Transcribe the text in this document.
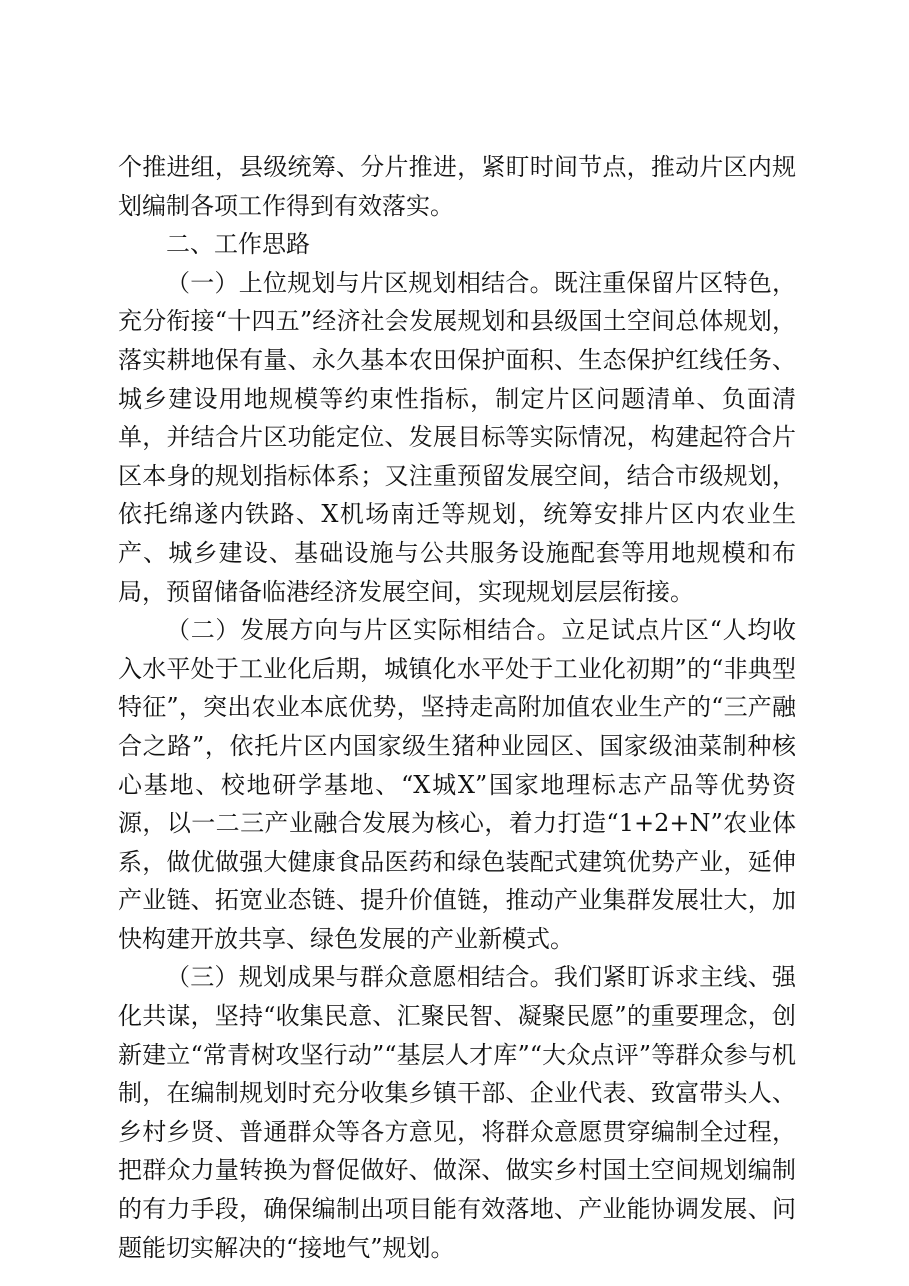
个推进组，县级统筹、分片推进，紧盯时间节点，推动片区内规划编制各项工作得到有效落实。

二、工作思路

（一）上位规划与片区规划相结合。既注重保留片区特色，充分衔接“十四五”经济社会发展规划和县级国土空间总体规划，落实耕地保有量、永久基本农田保护面积、生态保护红线任务、城乡建设用地规模等约束性指标，制定片区问题清单、负面清单，并结合片区功能定位、发展目标等实际情况，构建起符合片区本身的规划指标体系；又注重预留发展空间，结合市级规划，依托绵遂内铁路、X机场南迁等规划，统筹安排片区内农业生产、城乡建设、基础设施与公共服务设施配套等用地规模和布局，预留储备临港经济发展空间，实现规划层层衔接。

（二）发展方向与片区实际相结合。立足试点片区“人均收入水平处于工业化后期，城镇化水平处于工业化初期”的“非典型特征”，突出农业本底优势，坚持走高附加值农业生产的“三产融合之路”，依托片区内国家级生猪种业园区、国家级油菜制种核心基地、校地研学基地、“X城X”国家地理标志产品等优势资源，以一二三产业融合发展为核心，着力打造“1+2+N”农业体系，做优做强大健康食品医药和绿色装配式建筑优势产业，延伸产业链、拓宽业态链、提升价值链，推动产业集群发展壮大，加快构建开放共享、绿色发展的产业新模式。

（三）规划成果与群众意愿相结合。我们紧盯诉求主线、强化共谋，坚持“收集民意、汇聚民智、凝聚民愿”的重要理念，创新建立“常青树攻坚行动”“基层人才库”“大众点评”等群众参与机制，在编制规划时充分收集乡镇干部、企业代表、致富带头人、乡村乡贤、普通群众等各方意见，将群众意愿贯穿编制全过程，把群众力量转换为督促做好、做深、做实乡村国土空间规划编制的有力手段，确保编制出项目能有效落地、产业能协调发展、问题能切实解决的“接地气”规划。
